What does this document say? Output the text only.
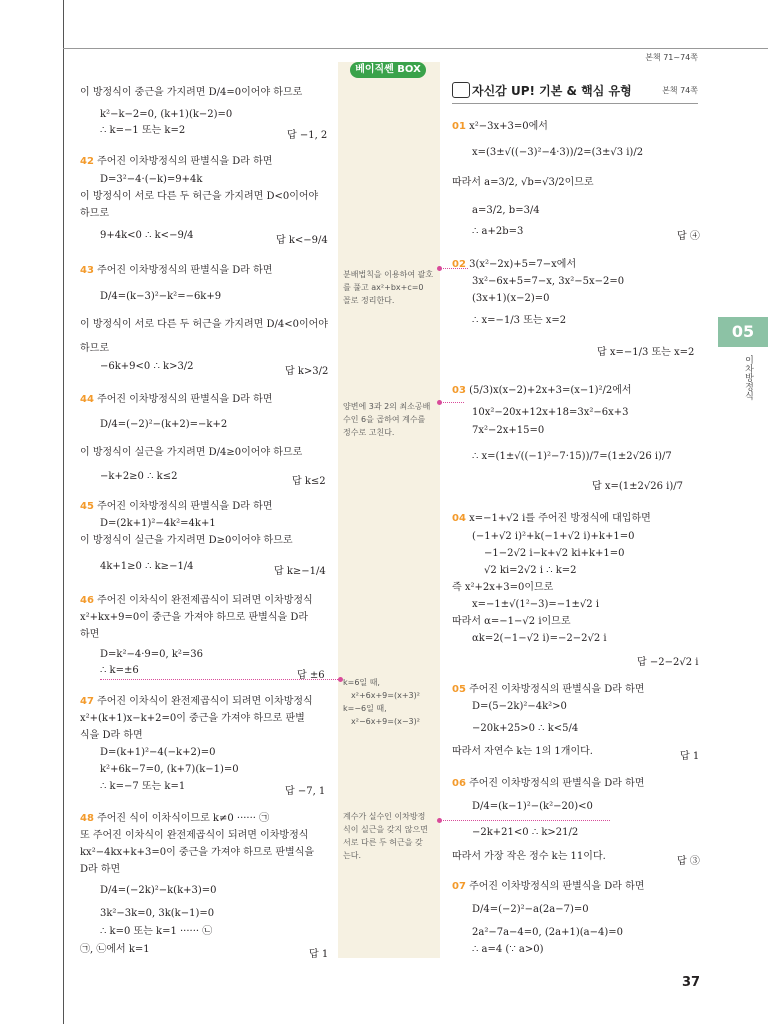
베이직쎈 BOX
본책 71~74쪽
05
이차방정식
37
자신감 UP! 기본 & 핵심 유형	본책 74쪽
이 방정식이 중근을 가지려면 D/4=0이어야 하므로
k²−k−2=0, (k+1)(k−2)=0
∴ k=−1 또는 k=2	답 −1, 2
42 주어진 이차방정식의 판별식을 D라 하면
D=3²−4·(−k)=9+4k
이 방정식이 서로 다른 두 허근을 가지려면 D<0이어야
하므로
9+4k<0 ∴ k<−9/4	답 k<−9/4
43 주어진 이차방정식의 판별식을 D라 하면
D/4=(k−3)²−k²=−6k+9
이 방정식이 서로 다른 두 허근을 가지려면 D/4<0이어야
하므로
−6k+9<0 ∴ k>3/2	답 k>3/2
44 주어진 이차방정식의 판별식을 D라 하면
D/4=(−2)²−(k+2)=−k+2
이 방정식이 실근을 가지려면 D/4≥0이어야 하므로
−k+2≥0 ∴ k≤2	답 k≤2
45 주어진 이차방정식의 판별식을 D라 하면
D=(2k+1)²−4k²=4k+1
이 방정식이 실근을 가지려면 D≥0이어야 하므로
4k+1≥0 ∴ k≥−1/4	답 k≥−1/4
46 주어진 이차식이 완전제곱식이 되려면 이차방정식
x²+kx+9=0이 중근을 가져야 하므로 판별식을 D라
하면
D=k²−4·9=0, k²=36
∴ k=±6	답 ±6
47 주어진 이차식이 완전제곱식이 되려면 이차방정식
x²+(k+1)x−k+2=0이 중근을 가져야 하므로 판별
식을 D라 하면
D=(k+1)²−4(−k+2)=0
k²+6k−7=0, (k+7)(k−1)=0
∴ k=−7 또는 k=1	답 −7, 1
48 주어진 식이 이차식이므로 k≠0 ······ ㉠
또 주어진 이차식이 완전제곱식이 되려면 이차방정식
kx²−4kx+k+3=0이 중근을 가져야 하므로 판별식을
D라 하면
D/4=(−2k)²−k(k+3)=0
3k²−3k=0, 3k(k−1)=0
∴ k=0 또는 k=1 ······ ㉡
㉠, ㉡에서 k=1	답 1
분배법칙을 이용하여 괄호
를 풀고 ax²+bx+c=0
꼴로 정리한다.
양변에 3과 2의 최소공배
수인 6을 곱하여 계수를
정수로 고친다.
k=6일 때,
x²+6x+9=(x+3)²
k=−6일 때,
x²−6x+9=(x−3)²
계수가 실수인 이차방정
식이 실근을 갖지 않으면
서로 다른 두 허근을 갖
는다.
01 x²−3x+3=0에서
x=(3±√((−3)²−4·3))/2=(3±√3 i)/2
따라서 a=3/2, √b=√3/2이므로
a=3/2, b=3/4
∴ a+2b=3	답 ④
02 3(x²−2x)+5=7−x에서
3x²−6x+5=7−x, 3x²−5x−2=0
(3x+1)(x−2)=0
∴ x=−1/3 또는 x=2
답 x=−1/3 또는 x=2
03 (5/3)x(x−2)+2x+3=(x−1)²/2에서
10x²−20x+12x+18=3x²−6x+3
7x²−2x+15=0
∴ x=(1±√((−1)²−7·15))/7=(1±2√26 i)/7
답 x=(1±2√26 i)/7
04 x=−1+√2 i를 주어진 방정식에 대입하면
(−1+√2 i)²+k(−1+√2 i)+k+1=0
−1−2√2 i−k+√2 ki+k+1=0
√2 ki=2√2 i ∴ k=2
즉 x²+2x+3=0이므로
x=−1±√(1²−3)=−1±√2 i
따라서 α=−1−√2 i이므로
αk=2(−1−√2 i)=−2−2√2 i
답 −2−2√2 i
05 주어진 이차방정식의 판별식을 D라 하면
D=(5−2k)²−4k²>0
−20k+25>0 ∴ k<5/4
따라서 자연수 k는 1의 1개이다.	답 1
06 주어진 이차방정식의 판별식을 D라 하면
D/4=(k−1)²−(k²−20)<0
−2k+21<0 ∴ k>21/2
따라서 가장 작은 정수 k는 11이다.	답 ③
07 주어진 이차방정식의 판별식을 D라 하면
D/4=(−2)²−a(2a−7)=0
2a²−7a−4=0, (2a+1)(a−4)=0
∴ a=4 (∵ a>0)
